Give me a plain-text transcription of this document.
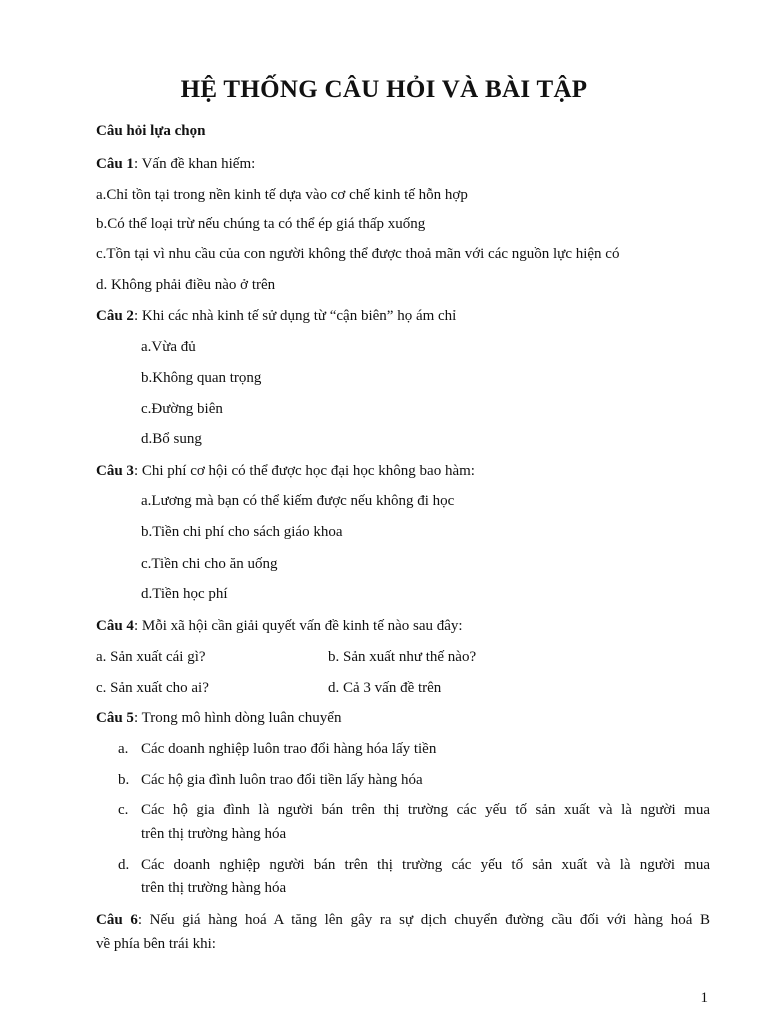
HỆ THỐNG CÂU HỎI VÀ BÀI TẬP
Câu hỏi lựa chọn
Câu 1: Vấn đề khan hiếm:
a.Chỉ tồn tại trong nền kinh tế dựa vào cơ chế kinh tế hỗn hợp
b.Có thể loại trừ nếu chúng ta có thể ép giá thấp xuống
c.Tồn tại vì nhu cầu của con người không thể được thoả mãn với các nguồn lực hiện có
d. Không phải điều nào ở trên
Câu 2: Khi các nhà kinh tế sử dụng từ “cận biên” họ ám chỉ
a.Vừa đủ
b.Không quan trọng
c.Đường biên
d.Bổ sung
Câu 3: Chi phí cơ hội có thể được học đại học không bao hàm:
a.Lương mà bạn có thể kiếm được nếu không đi học
b.Tiền chi phí cho sách giáo khoa
c.Tiền chi cho ăn uống
d.Tiền học phí
Câu 4: Mỗi xã hội cần giải quyết vấn đề kinh tế nào sau đây:
a. Sản xuất cái gì?	b. Sản xuất như thế nào?
c. Sản xuất cho ai?	d. Cả 3 vấn đề trên
Câu 5: Trong mô hình dòng luân chuyển
a. Các doanh nghiệp luôn trao đổi hàng hóa lấy tiền
b. Các hộ gia đình luôn trao đổi tiền lấy hàng hóa
c. Các hộ gia đình là người bán trên thị trường các yếu tố sản xuất và là người mua
trên thị trường hàng hóa
d. Các doanh nghiệp người bán trên thị trường các yếu tố sản xuất và là người mua
trên thị trường hàng hóa
Câu 6: Nếu giá hàng hoá A tăng lên gây ra sự dịch chuyển đường cầu đối với hàng hoá B
về phía bên trái khi:
1
